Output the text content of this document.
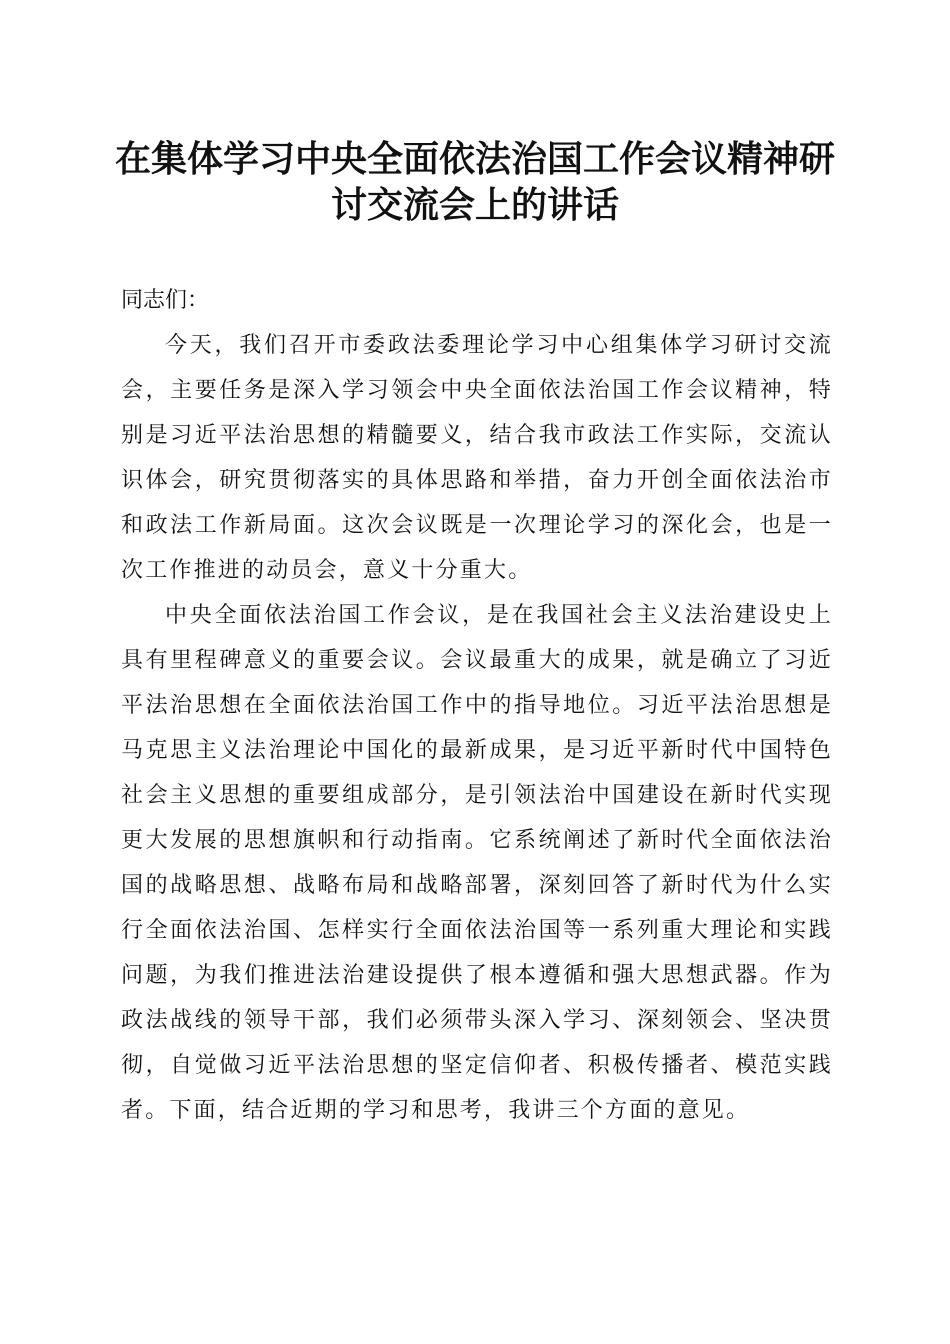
在集体学习中央全面依法治国工作会议精神研
讨交流会上的讲话

同志们：

今天，我们召开市委政法委理论学习中心组集体学习研讨交流会，主要任务是深入学习领会中央全面依法治国工作会议精神，特别是习近平法治思想的精髓要义，结合我市政法工作实际，交流认识体会，研究贯彻落实的具体思路和举措，奋力开创全面依法治市和政法工作新局面。这次会议既是一次理论学习的深化会，也是一次工作推进的动员会，意义十分重大。

中央全面依法治国工作会议，是在我国社会主义法治建设史上具有里程碑意义的重要会议。会议最重大的成果，就是确立了习近平法治思想在全面依法治国工作中的指导地位。习近平法治思想是马克思主义法治理论中国化的最新成果，是习近平新时代中国特色社会主义思想的重要组成部分，是引领法治中国建设在新时代实现更大发展的思想旗帜和行动指南。它系统阐述了新时代全面依法治国的战略思想、战略布局和战略部署，深刻回答了新时代为什么实行全面依法治国、怎样实行全面依法治国等一系列重大理论和实践问题，为我们推进法治建设提供了根本遵循和强大思想武器。作为政法战线的领导干部，我们必须带头深入学习、深刻领会、坚决贯彻，自觉做习近平法治思想的坚定信仰者、积极传播者、模范实践者。下面，结合近期的学习和思考，我讲三个方面的意见。
